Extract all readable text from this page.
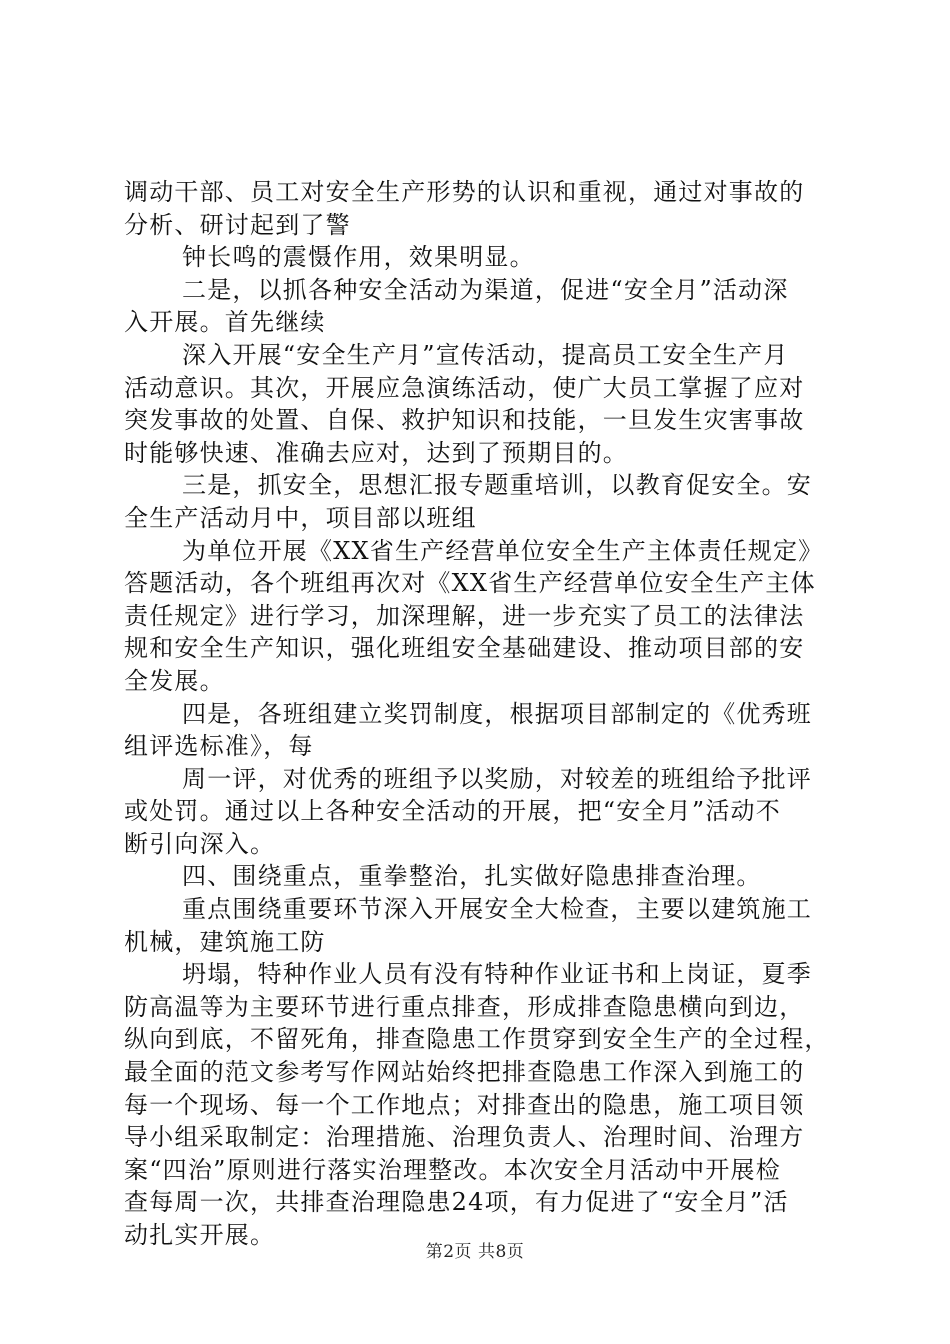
调动干部、员工对安全生产形势的认识和重视，通过对事故的
分析、研讨起到了警
钟长鸣的震慑作用，效果明显。
二是，以抓各种安全活动为渠道，促进“安全月”活动深
入开展。首先继续
深入开展“安全生产月”宣传活动，提高员工安全生产月
活动意识。其次，开展应急演练活动，使广大员工掌握了应对
突发事故的处置、自保、救护知识和技能，一旦发生灾害事故
时能够快速、准确去应对，达到了预期目的。
三是，抓安全，思想汇报专题重培训，以教育促安全。安
全生产活动月中，项目部以班组
为单位开展《XX省生产经营单位安全生产主体责任规定》
答题活动，各个班组再次对《XX省生产经营单位安全生产主体
责任规定》进行学习，加深理解，进一步充实了员工的法律法
规和安全生产知识，强化班组安全基础建设、推动项目部的安
全发展。
四是，各班组建立奖罚制度，根据项目部制定的《优秀班
组评选标准》，每
周一评，对优秀的班组予以奖励，对较差的班组给予批评
或处罚。通过以上各种安全活动的开展，把“安全月”活动不
断引向深入。
四、围绕重点，重拳整治，扎实做好隐患排查治理。
重点围绕重要环节深入开展安全大检查，主要以建筑施工
机械，建筑施工防
坍塌，特种作业人员有没有特种作业证书和上岗证，夏季
防高温等为主要环节进行重点排查，形成排查隐患横向到边，
纵向到底，不留死角，排查隐患工作贯穿到安全生产的全过程，
最全面的范文参考写作网站始终把排查隐患工作深入到施工的
每一个现场、每一个工作地点；对排查出的隐患，施工项目领
导小组采取制定：治理措施、治理负责人、治理时间、治理方
案“四治”原则进行落实治理整改。本次安全月活动中开展检
查每周一次，共排查治理隐患24项，有力促进了“安全月”活
动扎实开展。
第2页 共8页
